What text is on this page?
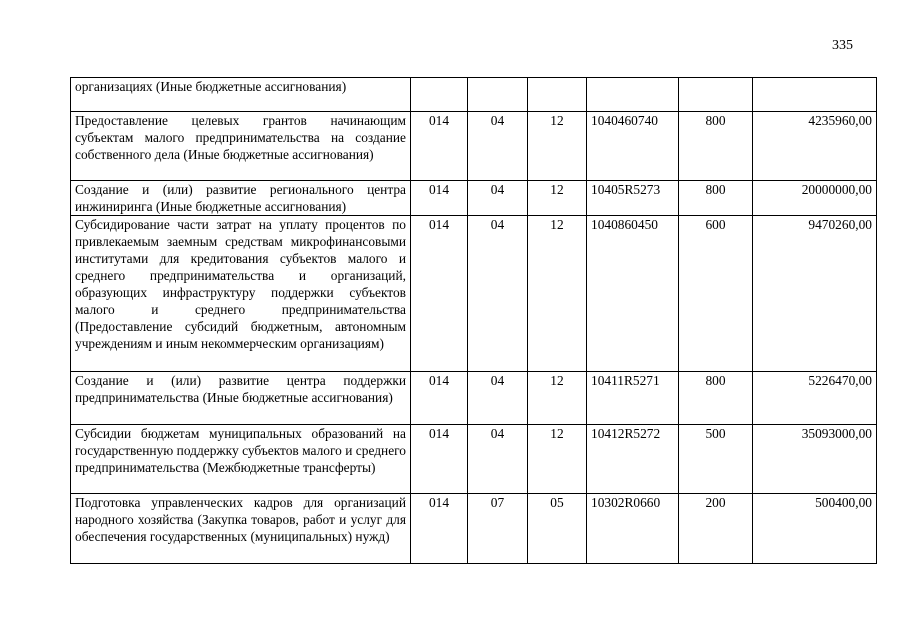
335
организациях (Иные бюджетные ассигнования)						
Предоставление целевых грантов начинающим субъектам малого предпринимательства на создание собственного дела (Иные бюджетные ассигнования)	014	04	12	1040460740	800	4235960,00
Создание и (или) развитие регионального центра инжиниринга (Иные бюджетные ассигнования)	014	04	12	10405R5273	800	20000000,00
Субсидирование части затрат на уплату процентов по привлекаемым заемным средствам микрофинансовыми институтами для кредитования субъектов малого и среднего предпринимательства и организаций, образующих инфраструктуру поддержки субъектов малого и среднего предпринимательства (Предоставление субсидий бюджетным, автономным учреждениям и иным некоммерческим организациям)	014	04	12	1040860450	600	9470260,00
Создание и (или) развитие центра поддержки предпринимательства (Иные бюджетные ассигнования)	014	04	12	10411R5271	800	5226470,00
Субсидии бюджетам муниципальных образований на государственную поддержку субъектов малого и среднего предпринимательства (Межбюджетные трансферты)	014	04	12	10412R5272	500	35093000,00
Подготовка управленческих кадров для организаций народного хозяйства (Закупка товаров, работ и услуг для обеспечения государственных (муниципальных) нужд)	014	07	05	10302R0660	200	500400,00
